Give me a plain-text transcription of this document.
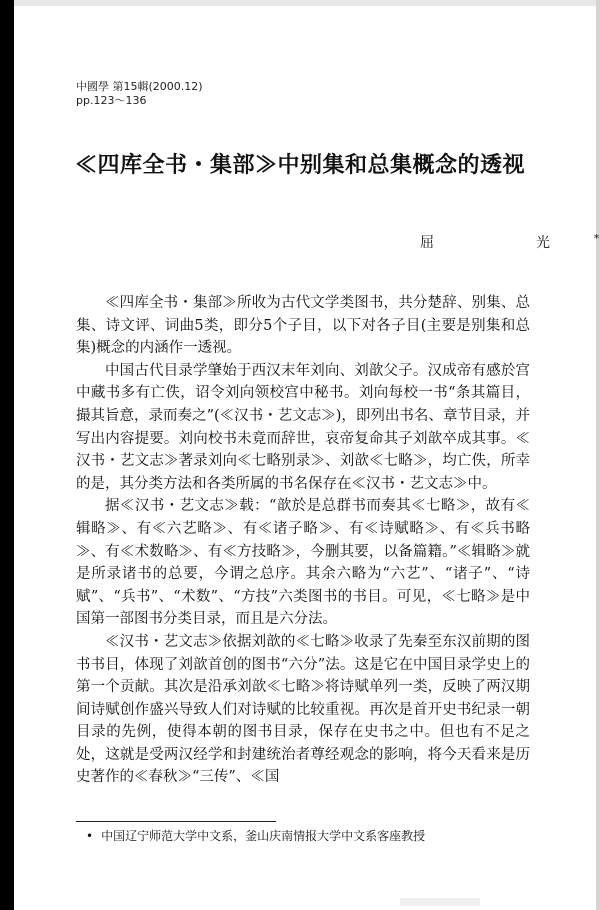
中國學 第15輯(2000.12)
pp.123～136
≪四库全书・集部≫中别集和总集概念的透视
屈　光*

≪四库全书・集部≫所收为古代文学类图书，共分楚辞、别集、总集、诗文评、词曲5类，即分5个子目，以下对各子目(主要是别集和总集)概念的内涵作一透视。

中国古代目录学肇始于西汉末年刘向、刘歆父子。汉成帝有感於宫中藏书多有亡佚，诏令刘向领校宫中秘书。刘向每校一书“条其篇目，撮其旨意，录而奏之”(≪汉书・艺文志≫)，即列出书名、章节目录，并写出内容提要。刘向校书未竟而辞世，哀帝复命其子刘歆卒成其事。≪汉书・艺文志≫著录刘向≪七略别录≫、刘歆≪七略≫，均亡佚，所幸的是，其分类方法和各类所属的书名保存在≪汉书・艺文志≫中。

据≪汉书・艺文志≫载：“歆於是总群书而奏其≪七略≫，故有≪辑略≫、有≪六艺略≫、有≪诸子略≫、有≪诗赋略≫、有≪兵书略≫、有≪术数略≫、有≪方技略≫，今删其要，以备篇籍。”≪辑略≫就是所录诸书的总要，今谓之总序。其余六略为“六艺”、“诸子”、“诗赋”、“兵书”、“术数”、“方技”六类图书的书目。可见，≪七略≫是中国第一部图书分类目录，而且是六分法。

≪汉书・艺文志≫依据刘歆的≪七略≫收录了先秦至东汉前期的图书书目，体现了刘歆首创的图书“六分”法。这是它在中国目录学史上的第一个贡献。其次是沿承刘歆≪七略≫将诗赋单列一类，反映了两汉期间诗赋创作盛兴导致人们对诗赋的比较重视。再次是首开史书纪录一朝目录的先例，使得本朝的图书目录，保存在史书之中。但也有不足之处，这就是受两汉经学和封建统治者尊经观念的影响，将今天看来是历史著作的≪春秋≫“三传”、≪国

• 中国辽宁师范大学中文系，釜山庆南情报大学中文系客座教授
